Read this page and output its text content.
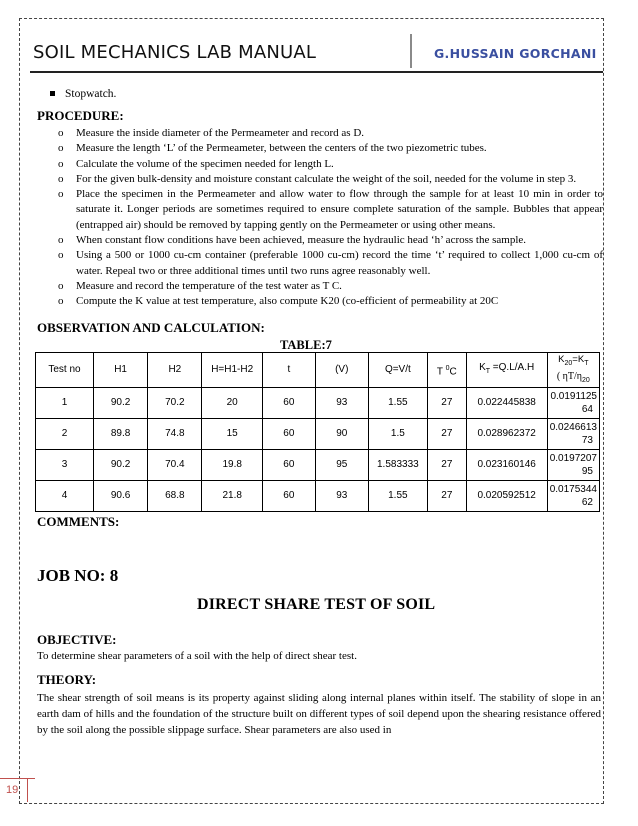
SOIL MECHANICS LAB MANUAL	G.HUSSAIN GORCHANI
Stopwatch.
PROCEDURE:
o Measure the inside diameter of the Permeameter and record as D.
o Measure the length ‘L’ of the Permeameter, between the centers of the two piezometric tubes.
o Calculate the volume of the specimen needed for length L.
o For the given bulk-density and moisture constant calculate the weight of the soil, needed for the volume in step 3.
o Place the specimen in the Permeameter and allow water to flow through the sample for at least 10 min in order to saturate it. Longer periods are sometimes required to ensure complete saturation of the sample. Bubbles that appear (entrapped air) should be removed by tapping gently on the Permeameter or using other means.
o When constant flow conditions have been achieved, measure the hydraulic head ‘h’ across the sample.
o Using a 500 or 1000 cu-cm container (preferable 1000 cu-cm) record the time ‘t’ required to collect 1,000 cu-cm of water. Repeal two or three additional times until two runs agree reasonably well.
o Measure and record the temperature of the test water as T C.
o Compute the K value at test temperature, also compute K20 (co-efficient of permeability at 20C
OBSERVATION AND CALCULATION:
TABLE:7
Test no	H1	H2	H=H1-H2	t	(V)	Q=V/t	T $^0$C	$K_T =Q.L/A.H$	$K_{20}=K_T$
( $\eta T/\eta_{20}$
1	90.2	70.2	20	60	93	1.55	27	0.022445838	0.0191125
64

2	89.8	74.8	15	60	90	1.5	27	0.028962372	0.0246613
73

3	90.2	70.4	19.8	60	95	1.583333	27	0.023160146	0.0197207
95

4	90.6	68.8	21.8	60	93	1.55	27	0.020592512	0.0175344
62
COMMENTS:
JOB NO: 8
DIRECT SHARE TEST OF SOIL
OBJECTIVE:
To determine shear parameters of a soil with the help of direct shear test.
THEORY:
The shear strength of soil means is its property against sliding along internal planes within itself. The stability of slope in an earth dam of hills and the foundation of the structure built on different types of soil depend upon the shearing resistance offered by the soil along the possible slippage surface. Shear parameters are also used in
19
